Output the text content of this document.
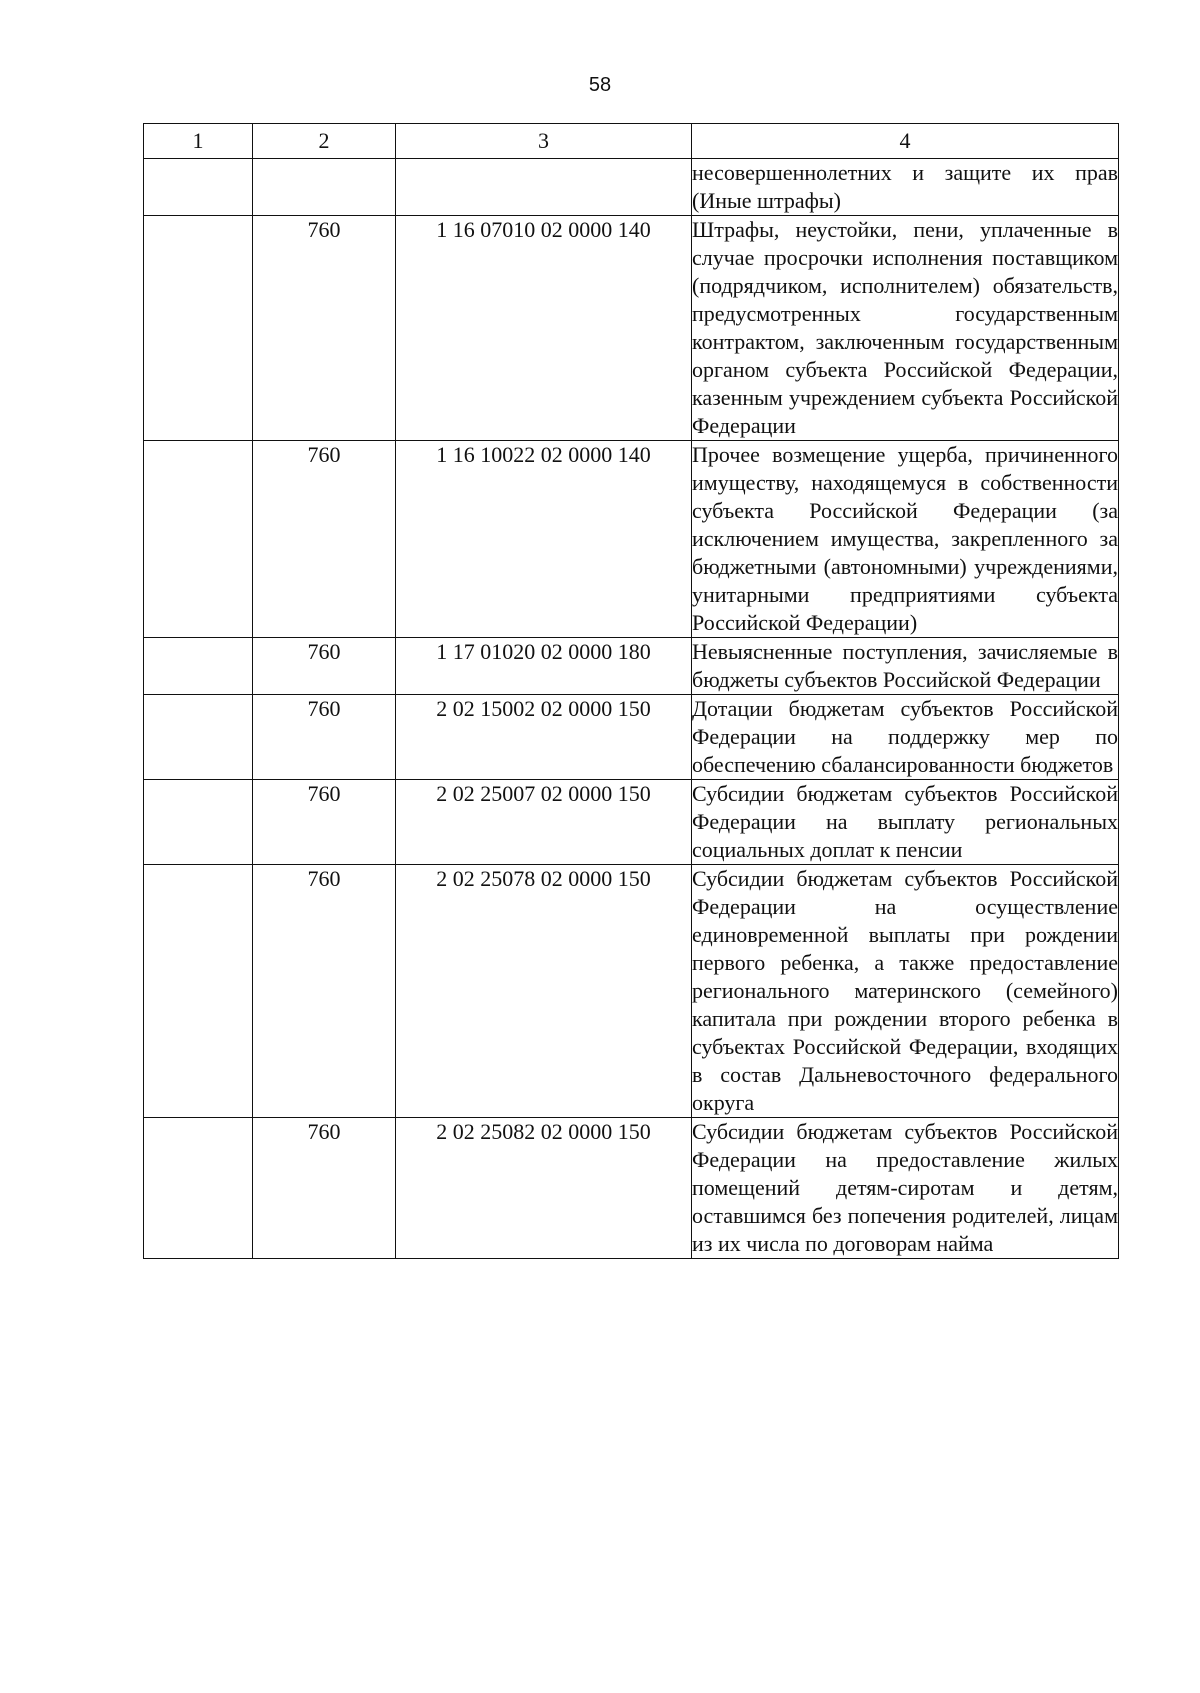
58
1	2	3	4
			несовершеннолетних и защите их прав (Иные штрафы)
	760	1 16 07010 02 0000 140	Штрафы, неустойки, пени, уплаченные в случае просрочки исполнения поставщиком (подрядчиком, исполнителем) обязательств, предусмотренных государственным контрактом, заключенным государственным органом субъекта Российской Федерации, казенным учреждением субъекта Российской Федерации
	760	1 16 10022 02 0000 140	Прочее возмещение ущерба, причиненного имуществу, находящемуся в собственности субъекта Российской Федерации (за исключением имущества, закрепленного за бюджетными (автономными) учреждениями, унитарными предприятиями субъекта Российской Федерации)
	760	1 17 01020 02 0000 180	Невыясненные поступления, зачисляемые в бюджеты субъектов Российской Федерации
	760	2 02 15002 02 0000 150	Дотации бюджетам субъектов Российской Федерации на поддержку мер по обеспечению сбалансированности бюджетов
	760	2 02 25007 02 0000 150	Субсидии бюджетам субъектов Российской Федерации на выплату региональных социальных доплат к пенсии
	760	2 02 25078 02 0000 150	Субсидии бюджетам субъектов Российской Федерации на осуществление единовременной выплаты при рождении первого ребенка, а также предоставление регионального материнского (семейного) капитала при рождении второго ребенка в субъектах Российской Федерации, входящих в состав Дальневосточного федерального округа
	760	2 02 25082 02 0000 150	Субсидии бюджетам субъектов Российской Федерации на предоставление жилых помещений детям-сиротам и детям, оставшимся без попечения родителей, лицам из их числа по договорам найма
